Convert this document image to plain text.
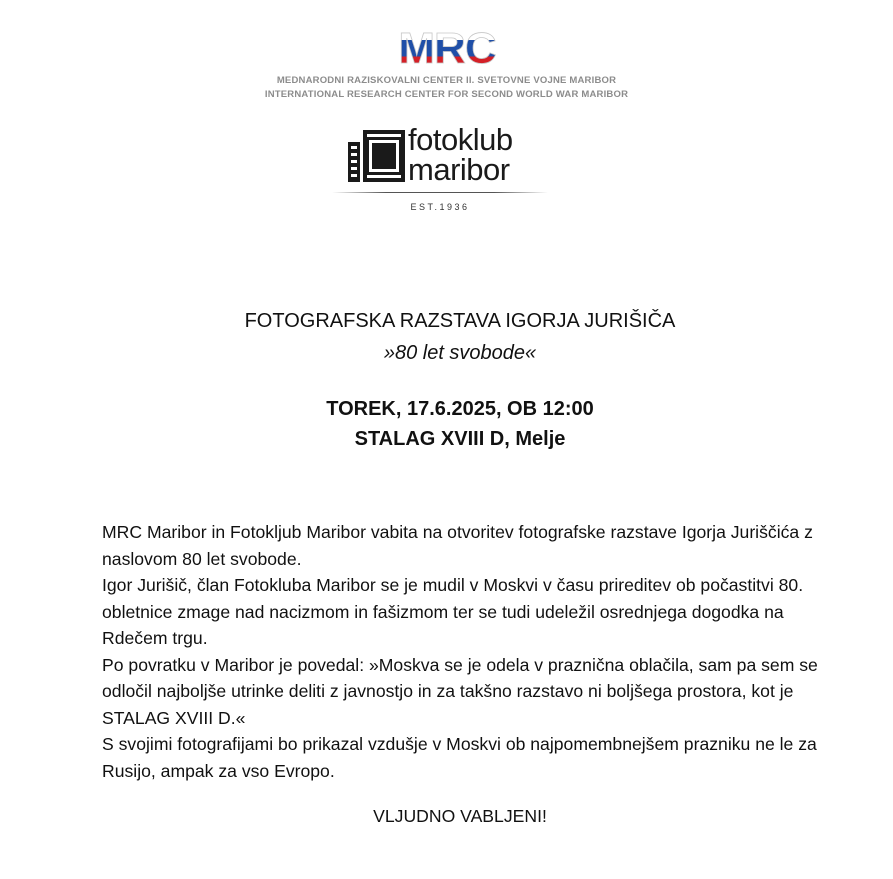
MRC
MEDNARODNI RAZISKOVALNI CENTER II. SVETOVNE VOJNE MARIBOR
INTERNATIONAL RESEARCH CENTER FOR SECOND WORLD WAR MARIBOR
fotoklub
maribor
EST.1936
FOTOGRAFSKA RAZSTAVA IGORJA JURIŠIČA
»80 let svobode«
TOREK, 17.6.2025, OB 12:00
STALAG XVIII D, Melje

MRC Maribor in Fotokljub Maribor vabita na otvoritev fotografske razstave Igorja Juriščića z naslovom 80 let svobode.

Igor Jurišič, član Fotokluba Maribor se je mudil v Moskvi v času prireditev ob počastitvi 80. obletnice zmage nad nacizmom in fašizmom ter se tudi udeležil osrednjega dogodka na Rdečem trgu.

Po povratku v Maribor je povedal: »Moskva se je odela v praznična oblačila, sam pa sem se odločil najboljše utrinke deliti z javnostjo in za takšno razstavo ni boljšega prostora, kot je STALAG XVIII D.«

S svojimi fotografijami bo prikazal vzdušje v Moskvi ob najpomembnejšem prazniku ne le za Rusijo, ampak za vso Evropo.

VLJUDNO VABLJENI!
